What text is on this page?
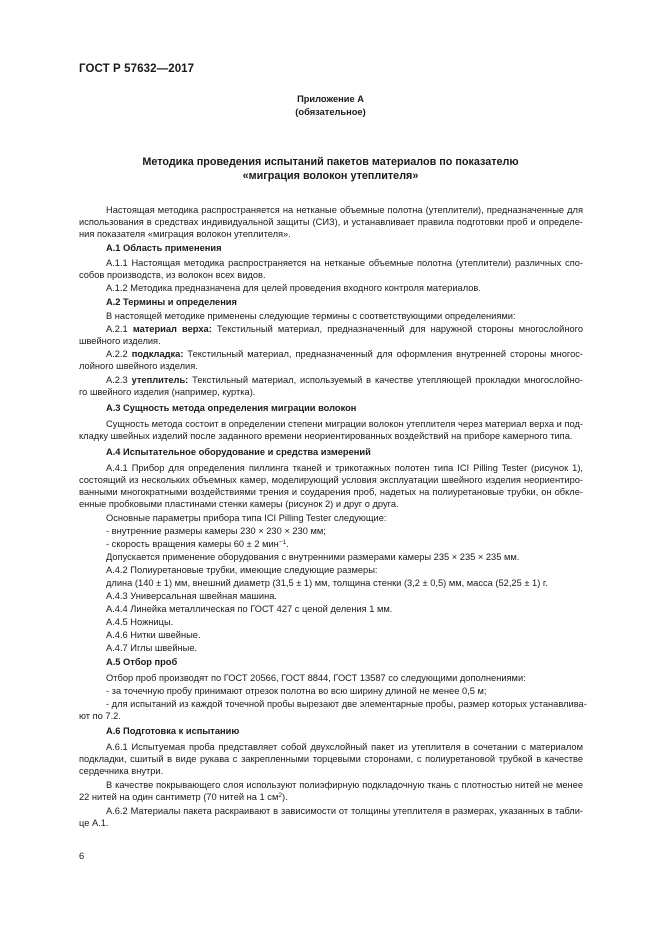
ГОСТ Р 57632—2017
Приложение А
(обязательное)
Методика проведения испытаний пакетов материалов по показателю
«миграция волокон утеплителя»
Настоящая методика распространяется на нетканые объемные полотна (утеплители), предназначенные для
использования в средствах индивидуальной защиты (СИЗ), и устанавливает правила подготовки проб и определе-
ния показателя «миграция волокон утеплителя».
А.1 Область применения
А.1.1 Настоящая методика распространяется на нетканые объемные полотна (утеплители) различных спо-
собов производств, из волокон всех видов.
А.1.2 Методика предназначена для целей проведения входного контроля материалов.
А.2 Термины и определения
В настоящей методике применены следующие термины с соответствующими определениями:
А.2.1 материал верха: Текстильный материал, предназначенный для наружной стороны многослойного
швейного изделия.
А.2.2 подкладка: Текстильный материал, предназначенный для оформления внутренней стороны многос-
лойного швейного изделия.
А.2.3 утеплитель: Текстильный материал, используемый в качестве утепляющей прокладки многослойно-
го швейного изделия (например, куртка).
А.3 Сущность метода определения миграции волокон
Сущность метода состоит в определении степени миграции волокон утеплителя через материал верха и под-
кладку швейных изделий после заданного времени неориентированных воздействий на приборе камерного типа.
А.4 Испытательное оборудование и средства измерений
А.4.1 Прибор для определения пиллинга тканей и трикотажных полотен типа ICI Pilling Tester (рисунок 1),
состоящий из нескольких объемных камер, моделирующий условия эксплуатации швейного изделия неориентиро-
ванными многократными воздействиями трения и соударения проб, надетых на полиуретановые трубки, он обкле-
енные пробковыми пластинами стенки камеры (рисунок 2) и друг о друга.
Основные параметры прибора типа ICI Pilling Tester следующие:
- внутренние размеры камеры 230 × 230 × 230 мм;
- скорость вращения камеры 60 ± 2 мин$^{-1}$.
Допускается применение оборудования с внутренними размерами камеры 235 × 235 × 235 мм.
А.4.2 Полиуретановые трубки, имеющие следующие размеры:
длина (140 ± 1) мм, внешний диаметр (31,5 ± 1) мм, толщина стенки (3,2 ± 0,5) мм, масса (52,25 ± 1) г.
А.4.3 Универсальная швейная машина.
А.4.4 Линейка металлическая по ГОСТ 427 с ценой деления 1 мм.
А.4.5 Ножницы.
А.4.6 Нитки швейные.
А.4.7 Иглы швейные.
А.5 Отбор проб
Отбор проб производят по ГОСТ 20566, ГОСТ 8844, ГОСТ 13587 со следующими дополнениями:
- за точечную пробу принимают отрезок полотна во всю ширину длиной не менее 0,5 м;
- для испытаний из каждой точечной пробы вырезают две элементарные пробы, размер которых устанавлива-
ют по 7.2.
А.6 Подготовка к испытанию
А.6.1 Испытуемая проба представляет собой двухслойный пакет из утеплителя в сочетании с материалом
подкладки, сшитый в виде рукава с закрепленными торцевыми сторонами, с полиуретановой трубкой в качестве
сердечника внутри.
В качестве покрывающего слоя используют полиэфирную подкладочную ткань с плотностью нитей не менее
22 нитей на один сантиметр (70 нитей на 1 $см^2$).
А.6.2 Материалы пакета раскраивают в зависимости от толщины утеплителя в размерах, указанных в табли-
це А.1.
6
